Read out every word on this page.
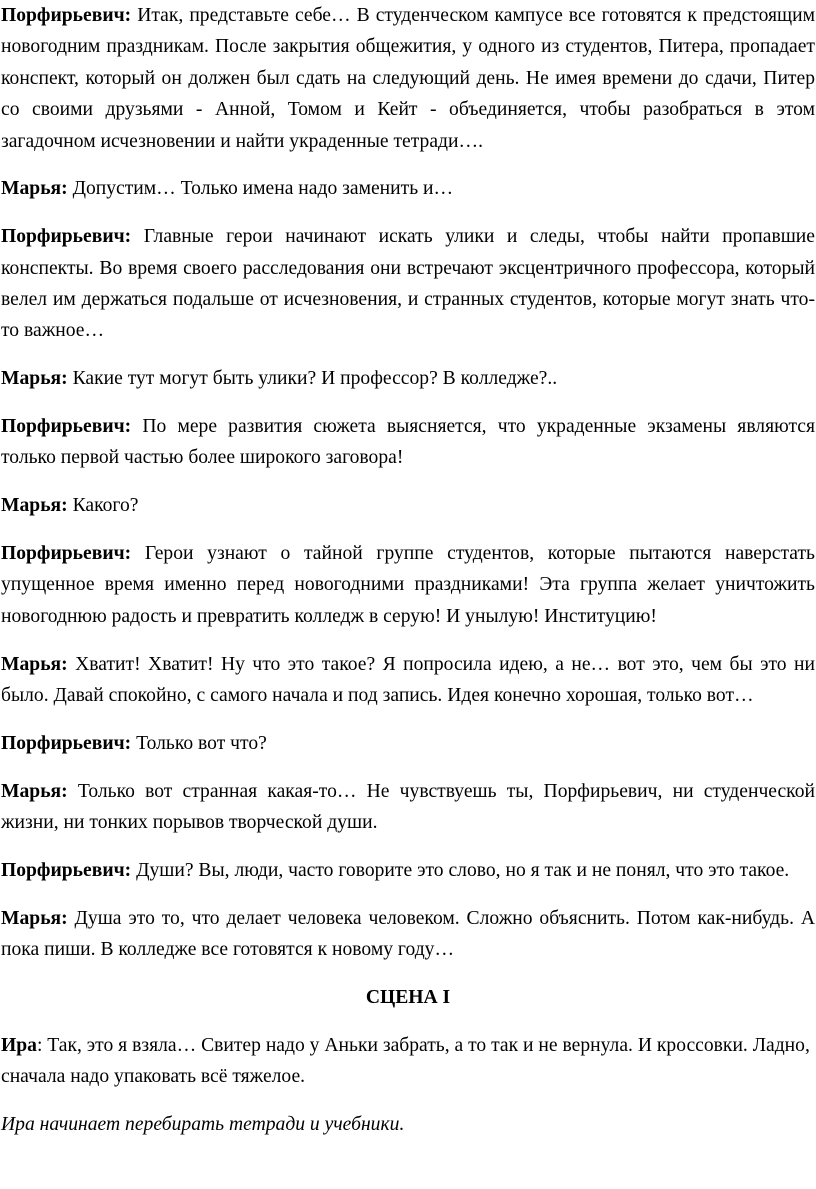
Порфирьевич: Итак, представьте себе… В студенческом кампусе все готовятся к предстоящим новогодним праздникам. После закрытия общежития, у одного из студентов, Питера, пропадает конспект, который он должен был сдать на следующий день. Не имея времени до сдачи, Питер со своими друзьями - Анной, Томом и Кейт - объединяется, чтобы разобраться в этом загадочном исчезновении и найти украденные тетради….

Марья: Допустим… Только имена надо заменить и…

Порфирьевич: Главные герои начинают искать улики и следы, чтобы найти пропавшие конспекты. Во время своего расследования они встречают эксцентричного профессора, который велел им держаться подальше от исчезновения, и странных студентов, которые могут знать что-то важное…

Марья: Какие тут могут быть улики? И профессор? В колледже?..

Порфирьевич: По мере развития сюжета выясняется, что украденные экзамены являются только первой частью более широкого заговора!

Марья: Какого?

Порфирьевич: Герои узнают о тайной группе студентов, которые пытаются наверстать упущенное время именно перед новогодними праздниками! Эта группа желает уничтожить новогоднюю радость и превратить колледж в серую! И унылую! Институцию!

Марья: Хватит! Хватит! Ну что это такое? Я попросила идею, а не… вот это, чем бы это ни было. Давай спокойно, с самого начала и под запись. Идея конечно хорошая, только вот…

Порфирьевич: Только вот что?

Марья: Только вот странная какая-то… Не чувствуешь ты, Порфирьевич, ни студенческой жизни, ни тонких порывов творческой души.

Порфирьевич: Души? Вы, люди, часто говорите это слово, но я так и не понял, что это такое.

Марья: Душа это то, что делает человека человеком. Сложно объяснить. Потом как-нибудь. А пока пиши. В колледже все готовятся к новому году…

СЦЕНА I

Ира: Так, это я взяла… Свитер надо у Аньки забрать, а то так и не вернула. И кроссовки. Ладно, сначала надо упаковать всё тяжелое.

Ира начинает перебирать тетради и учебники.
